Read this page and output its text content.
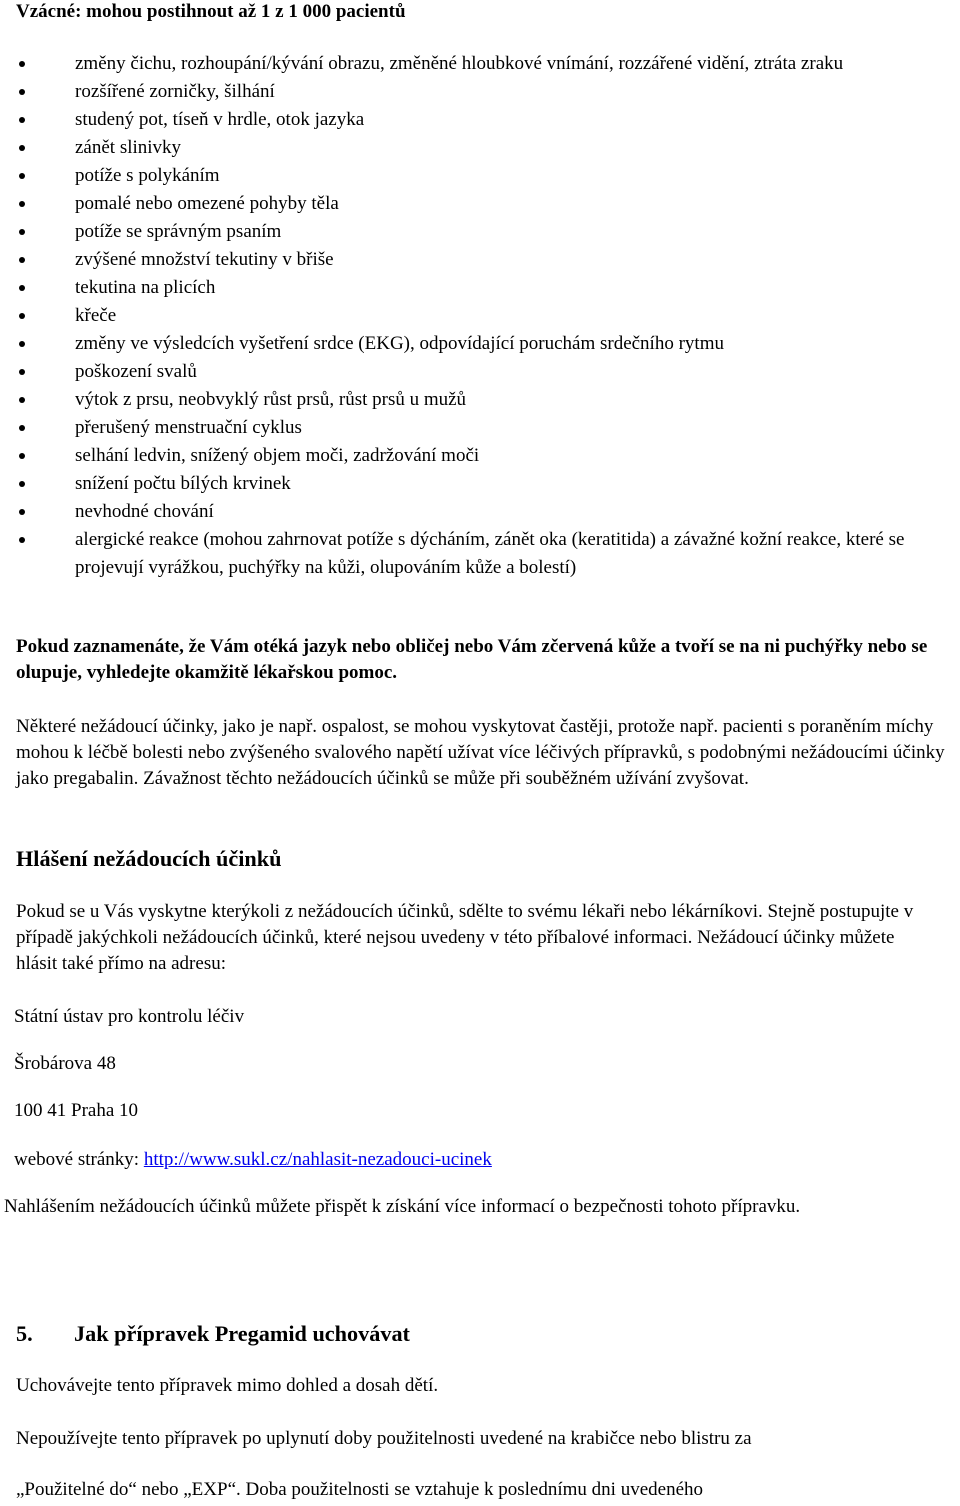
Vzácné: mohou postihnout až 1 z 1 000 pacientů
změny čichu, rozhoupání/kývání obrazu, změněné hloubkové vnímání, rozzářené vidění, ztráta zraku
rozšířené zorničky, šilhání
studený pot, tíseň v hrdle, otok jazyka
zánět slinivky
potíže s polykáním
pomalé nebo omezené pohyby těla
potíže se správným psaním
zvýšené množství tekutiny v břiše
tekutina na plicích
křeče
změny ve výsledcích vyšetření srdce (EKG), odpovídající poruchám srdečního rytmu
poškození svalů
výtok z prsu, neobvyklý růst prsů, růst prsů u mužů
přerušený menstruační cyklus
selhání ledvin, snížený objem moči, zadržování moči
snížení počtu bílých krvinek
nevhodné chování
alergické reakce (mohou zahrnovat potíže s dýcháním, zánět oka (keratitida) a závažné kožní reakce, které se projevují vyrážkou, puchýřky na kůži, olupováním kůže a bolestí)

Pokud zaznamenáte, že Vám otéká jazyk nebo obličej nebo Vám zčervená kůže a tvoří se na ni puchýřky nebo se olupuje, vyhledejte okamžitě lékařskou pomoc.

Některé nežádoucí účinky, jako je např. ospalost, se mohou vyskytovat častěji, protože např. pacienti s poraněním míchy mohou k léčbě bolesti nebo zvýšeného svalového napětí užívat více léčivých přípravků, s podobnými nežádoucími účinky jako pregabalin. Závažnost těchto nežádoucích účinků se může při souběžném užívání zvyšovat.

Hlášení nežádoucích účinků

Pokud se u Vás vyskytne kterýkoli z nežádoucích účinků, sdělte to svému lékaři nebo lékárníkovi. Stejně postupujte v případě jakýchkoli nežádoucích účinků, které nejsou uvedeny v této příbalové informaci. Nežádoucí účinky můžete hlásit také přímo na adresu:

Státní ústav pro kontrolu léčiv

Šrobárova 48

100 41 Praha 10

webové stránky: http://www.sukl.cz/nahlasit-nezadouci-ucinek

Nahlášením nežádoucích účinků můžete přispět k získání více informací o bezpečnosti tohoto přípravku.

5. Jak přípravek Pregamid uchovávat

Uchovávejte tento přípravek mimo dohled a dosah dětí.

Nepoužívejte tento přípravek po uplynutí doby použitelnosti uvedené na krabičce nebo blistru za

„Použitelné do“ nebo „EXP“. Doba použitelnosti se vztahuje k poslednímu dni uvedeného
